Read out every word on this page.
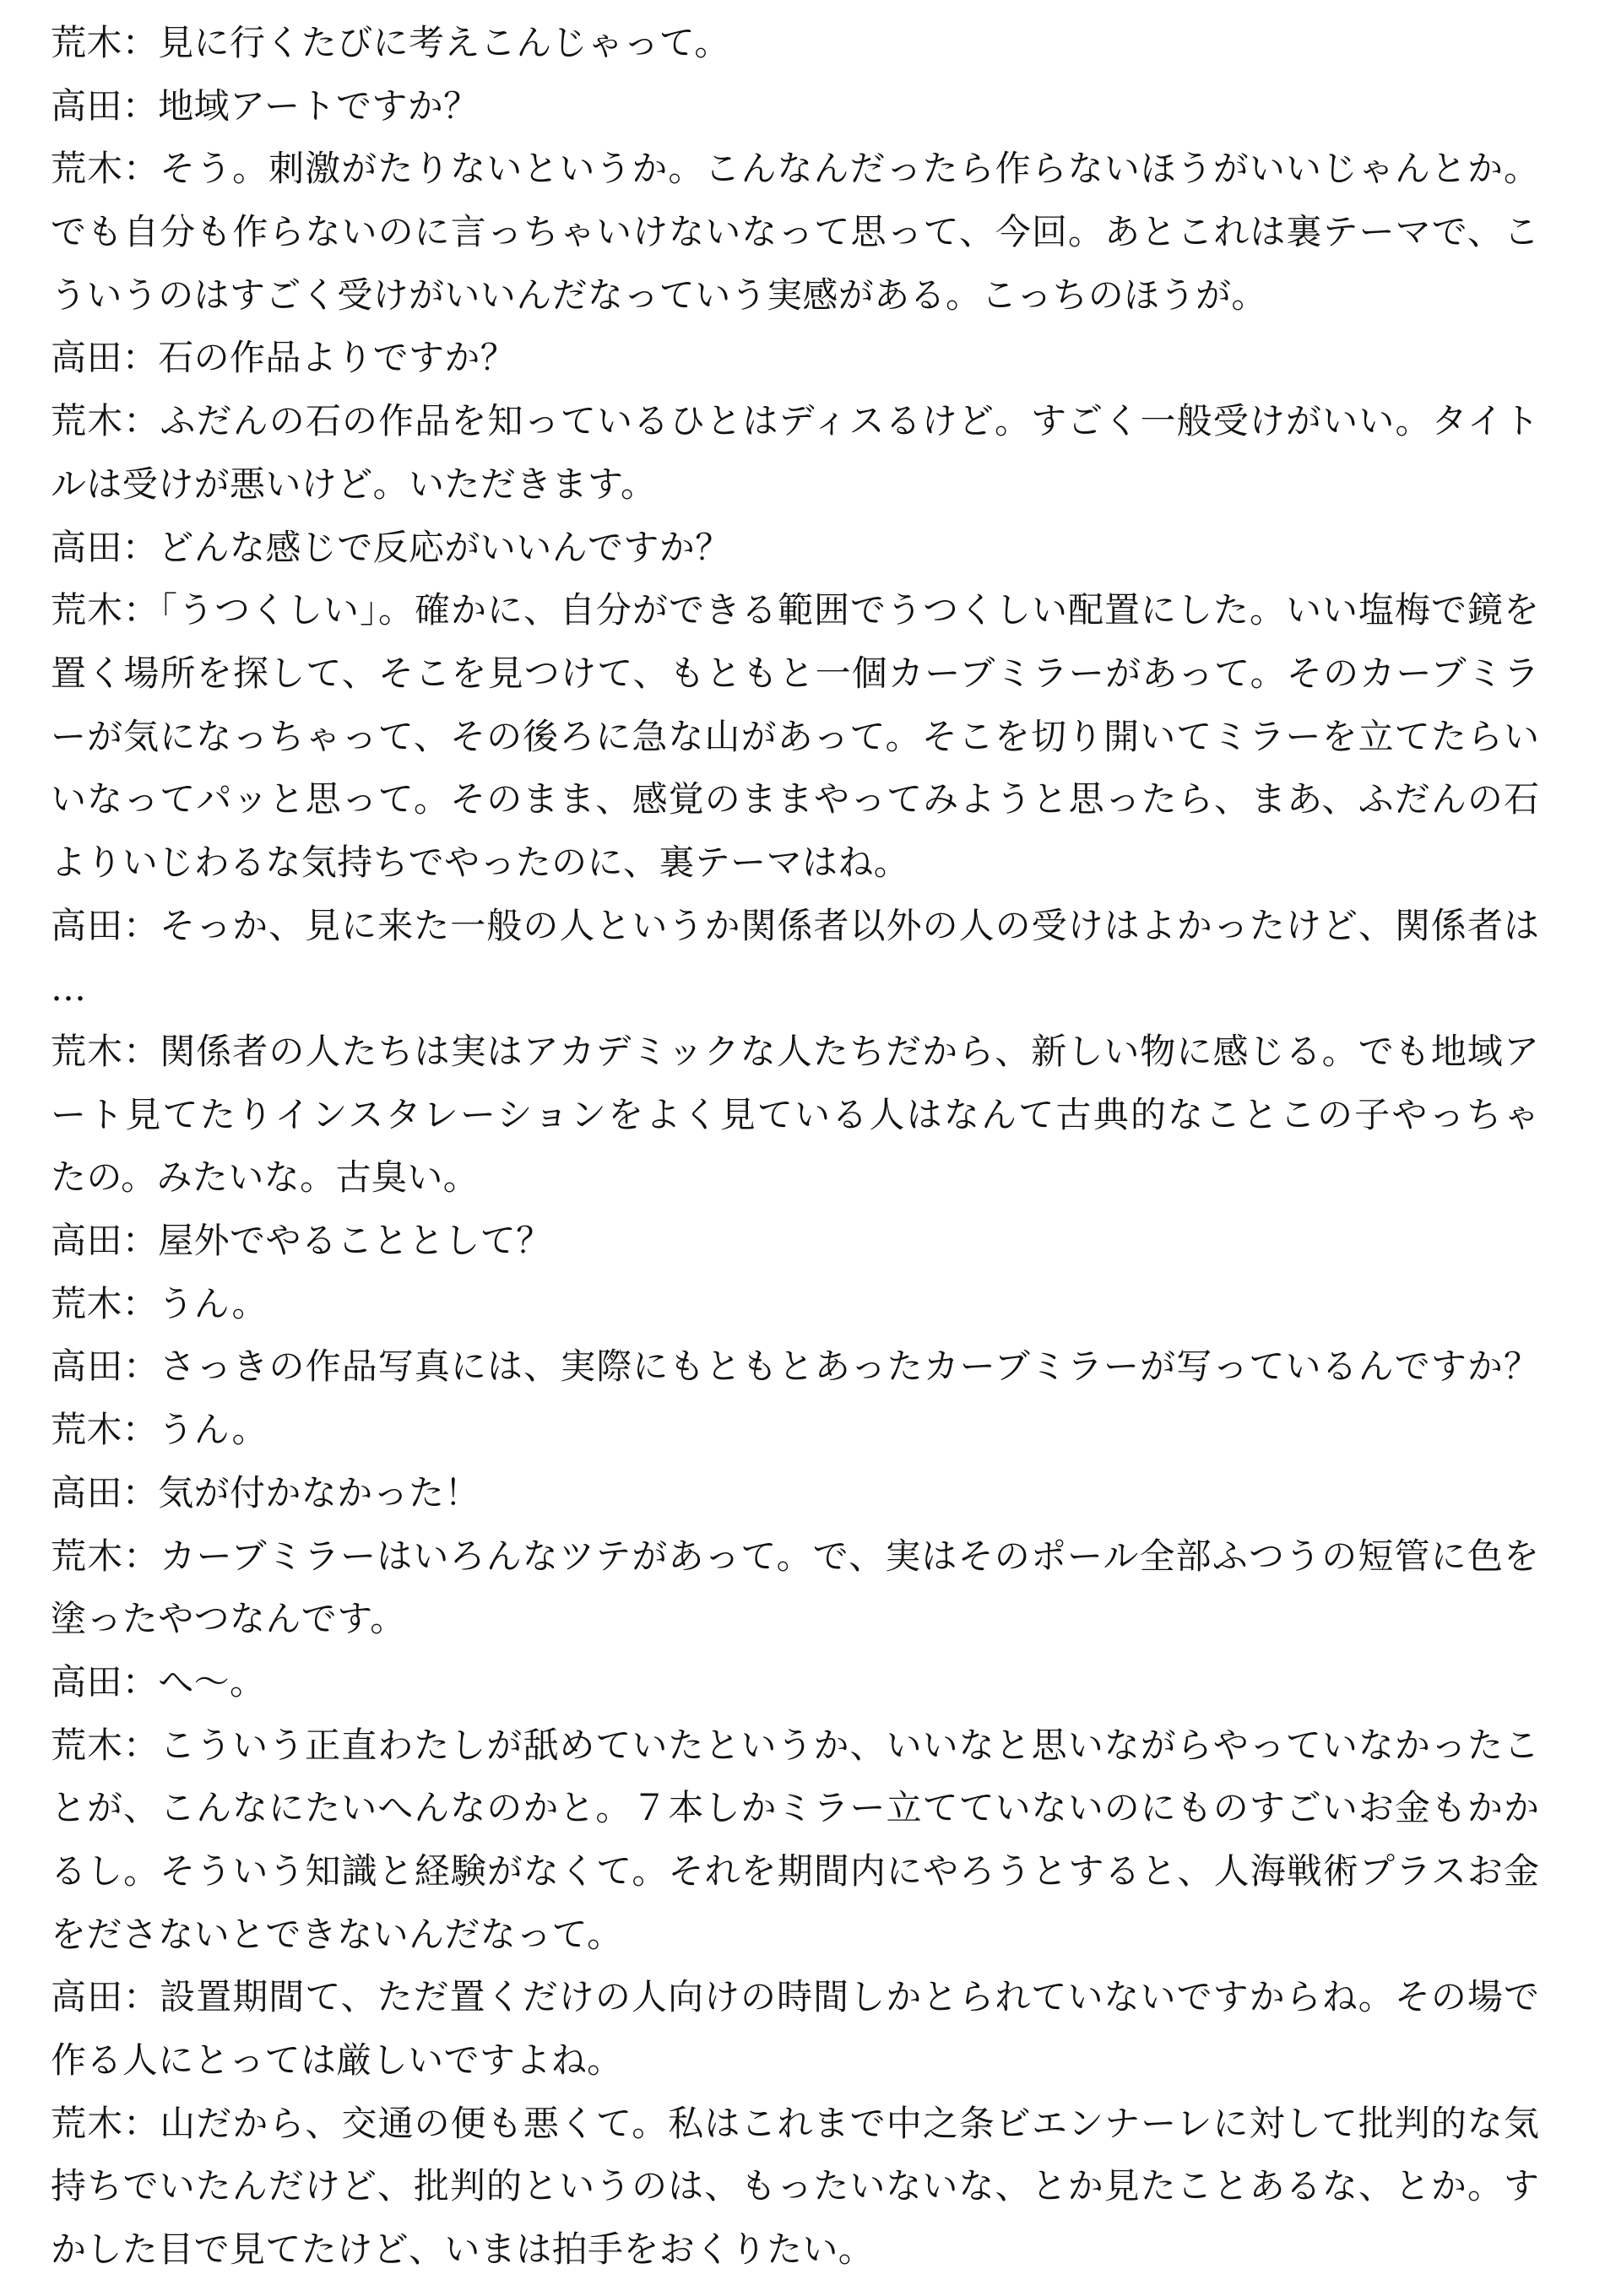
荒木：見に行くたびに考えこんじゃって。
高田：地域アートですか？
荒木：そう。刺激がたりないというか。こんなんだったら作らないほうがいいじゃんとか。
でも自分も作らないのに言っちゃいけないなって思って、今回。あとこれは裏テーマで、こ
ういうのはすごく受けがいいんだなっていう実感がある。こっちのほうが。
高田：石の作品よりですか？
荒木：ふだんの石の作品を知っているひとはディスるけど。すごく一般受けがいい。タイト
ルは受けが悪いけど。いただきます。
高田：どんな感じで反応がいいんですか？
荒木：「うつくしい」。確かに、自分ができる範囲でうつくしい配置にした。いい塩梅で鏡を
置く場所を探して、そこを見つけて、もともと一個カーブミラーがあって。そのカーブミラ
ーが気になっちゃって、その後ろに急な山があって。そこを切り開いてミラーを立てたらい
いなってパッと思って。そのまま、感覚のままやってみようと思ったら、まあ、ふだんの石
よりいじわるな気持ちでやったのに、裏テーマはね。
高田：そっか、見に来た一般の人というか関係者以外の人の受けはよかったけど、関係者は
…
荒木：関係者の人たちは実はアカデミックな人たちだから、新しい物に感じる。でも地域ア
ート見てたりインスタレーションをよく見ている人はなんて古典的なことこの子やっちゃ
たの。みたいな。古臭い。
高田：屋外でやることとして？
荒木：うん。
高田：さっきの作品写真には、実際にもともとあったカーブミラーが写っているんですか？
荒木：うん。
高田：気が付かなかった！
荒木：カーブミラーはいろんなツテがあって。で、実はそのポール全部ふつうの短管に色を
塗ったやつなんです。
高田：へ～。
荒木：こういう正直わたしが舐めていたというか、いいなと思いながらやっていなかったこ
とが、こんなにたいへんなのかと。７本しかミラー立てていないのにものすごいお金もかか
るし。そういう知識と経験がなくて。それを期間内にやろうとすると、人海戦術プラスお金
をださないとできないんだなって。
高田：設置期間て、ただ置くだけの人向けの時間しかとられていないですからね。その場で
作る人にとっては厳しいですよね。
荒木：山だから、交通の便も悪くて。私はこれまで中之条ビエンナーレに対して批判的な気
持ちでいたんだけど、批判的というのは、もったいないな、とか見たことあるな、とか。す
かした目で見てたけど、いまは拍手をおくりたい。
